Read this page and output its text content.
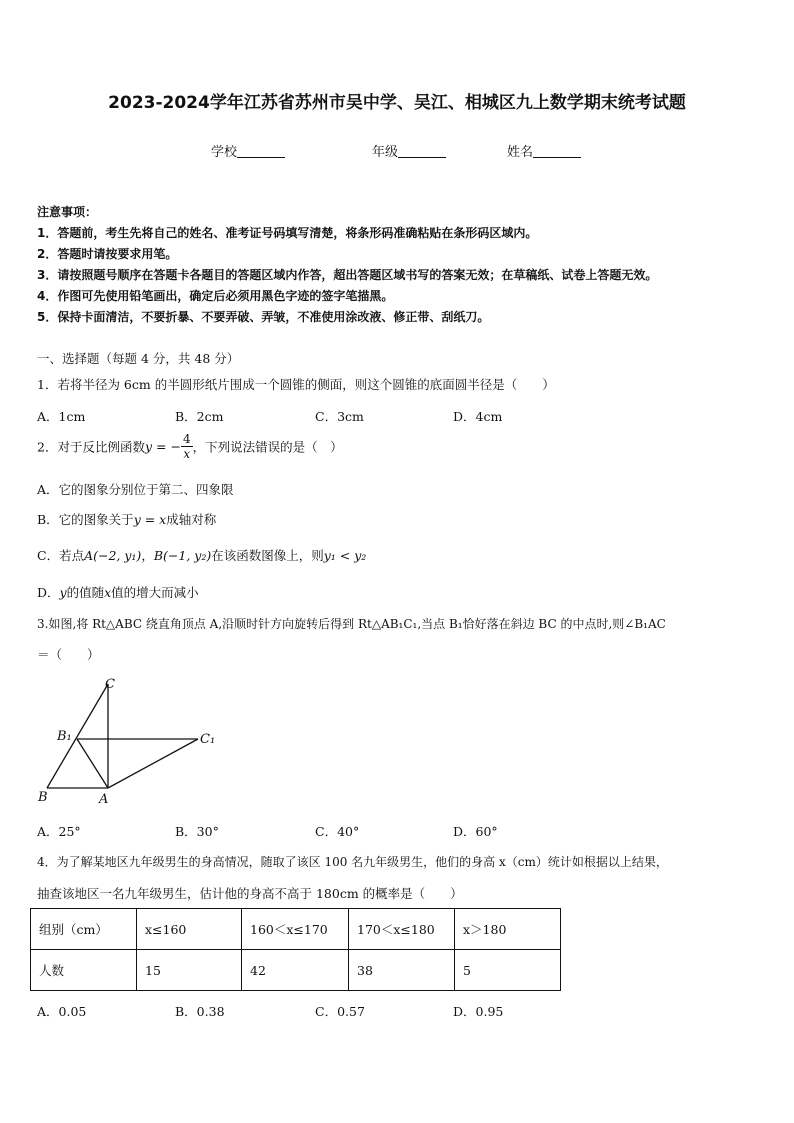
2023-2024学年江苏省苏州市吴中学、吴江、相城区九上数学期末统考试题
学校	年级	姓名
注意事项：
1．答题前，考生先将自己的姓名、准考证号码填写清楚，将条形码准确粘贴在条形码区域内。
2．答题时请按要求用笔。
3．请按照题号顺序在答题卡各题目的答题区域内作答，超出答题区域书写的答案无效；在草稿纸、试卷上答题无效。
4．作图可先使用铅笔画出，确定后必须用黑色字迹的签字笔描黑。
5．保持卡面清洁，不要折暴、不要弄破、弄皱，不准使用涂改液、修正带、刮纸刀。
一、选择题（每题 4 分，共 48 分）
1．若将半径为 6cm 的半圆形纸片围成一个圆锥的侧面，则这个圆锥的底面圆半径是（　　）
A．1cm	B．2cm	C．3cm	D．4cm
2．对于反比例函数y = − $\frac{4}{x}$ ，下列说法错误的是（　）
A．它的图象分别位于第二、四象限
B．它的图象关于y = x成轴对称
C．若点A(−2, y₁)，B(−1, y₂)在该函数图像上，则y₁ < y₂
D．y的值随x值的增大而减小
3.如图,将 Rt△ABC 绕直角顶点 A,沿顺时针方向旋转后得到 Rt△AB₁C₁,当点 B₁恰好落在斜边 BC 的中点时,则∠B₁AC
＝（　　）
C
B₁	C₁
B	A
A．25°	B．30°	C．40°	D．60°
4．为了解某地区九年级男生的身高情况，随取了该区 100 名九年级男生，他们的身高 x（cm）统计如根据以上结果，
抽查该地区一名九年级男生，估计他的身高不高于 180cm 的概率是（　　）
组别（cm）	x≤160	160＜x≤170	170＜x≤180	x＞180
人数	15	42	38	5
A．0.05	B．0.38	C．0.57	D．0.95
